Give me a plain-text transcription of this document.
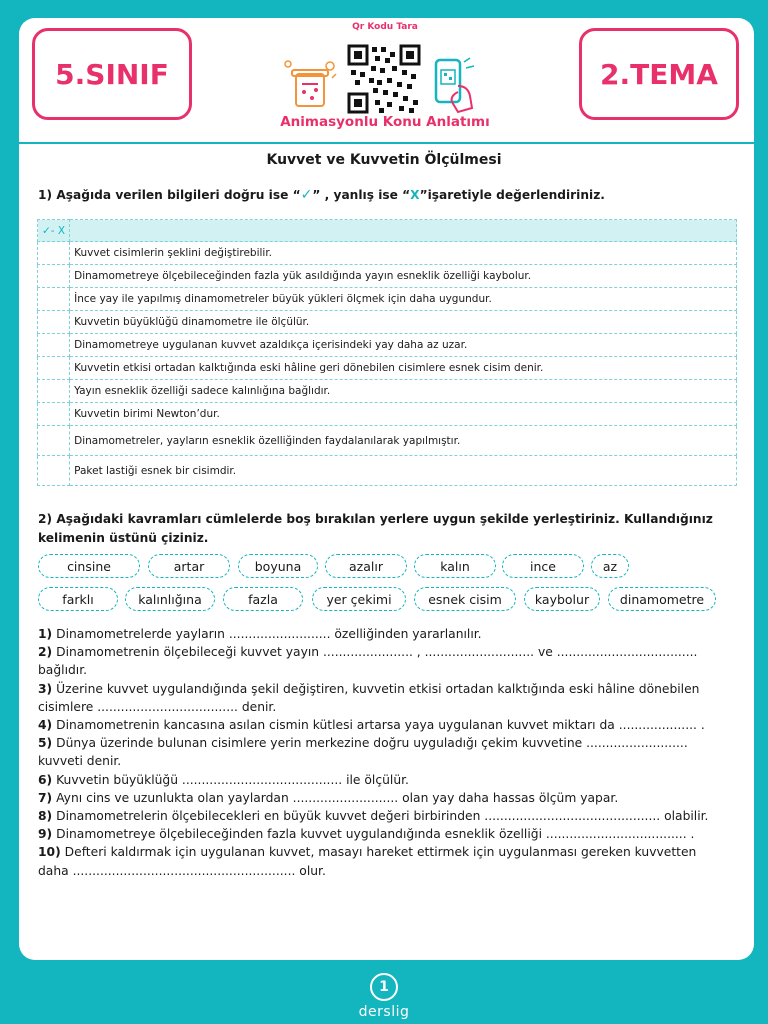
5.SINIF	2.TEMA
Qr Kodu Tara
Animasyonlu Konu Anlatımı
Kuvvet ve Kuvvetin Ölçülmesi
1) Aşağıda verilen bilgileri doğru ise “✓” , yanlış ise “X”işaretiyle değerlendiriniz.
✓- X	
	Kuvvet cisimlerin şeklini değiştirebilir.
	Dinamometreye ölçebileceğinden fazla yük asıldığında yayın esneklik özelliği kaybolur.
	İnce yay ile yapılmış dinamometreler büyük yükleri ölçmek için daha uygundur.
	Kuvvetin büyüklüğü dinamometre ile ölçülür.
	Dinamometreye uygulanan kuvvet azaldıkça içerisindeki yay daha az uzar.
	Kuvvetin etkisi ortadan kalktığında eski hâline geri dönebilen cisimlere esnek cisim denir.
	Yayın esneklik özelliği sadece kalınlığına bağlıdır.
	Kuvvetin birimi Newton’dur.
	Dinamometreler, yayların esneklik özelliğinden faydalanılarak yapılmıştır.
	Paket lastiği esnek bir cisimdir.
2) Aşağıdaki kavramları cümlelerde boş bırakılan yerlere uygun şekilde yerleştiriniz. Kullandığınız kelimenin üstünü çiziniz.
cinsine	artar	boyuna	azalır	kalın	ince	az
farklı	kalınlığına	fazla	yer çekimi	esnek cisim	kaybolur	dinamometre
1) Dinamometrelerde yayların .......................... özelliğinden yararlanılır.
2) Dinamometrenin ölçebileceği kuvvet yayın ....................... , ............................ ve .................................... bağlıdır.
3) Üzerine kuvvet uygulandığında şekil değiştiren, kuvvetin etkisi ortadan kalktığında eski hâline dönebilen cisimlere .................................... denir.
4) Dinamometrenin kancasına asılan cismin kütlesi artarsa yaya uygulanan kuvvet miktarı da .................... .
5) Dünya üzerinde bulunan cisimlere yerin merkezine doğru uyguladığı çekim kuvvetine .......................... kuvveti denir.
6) Kuvvetin büyüklüğü ......................................... ile ölçülür.
7) Aynı cins ve uzunlukta olan yaylardan ........................... olan yay daha hassas ölçüm yapar.
8) Dinamometrelerin ölçebilecekleri en büyük kuvvet değeri birbirinden ............................................. olabilir.
9) Dinamometreye ölçebileceğinden fazla kuvvet uygulandığında esneklik özelliği .................................... .
10) Defteri kaldırmak için uygulanan kuvvet, masayı hareket ettirmek için uygulanması gereken kuvvetten daha ......................................................... olur.
1
derslig
